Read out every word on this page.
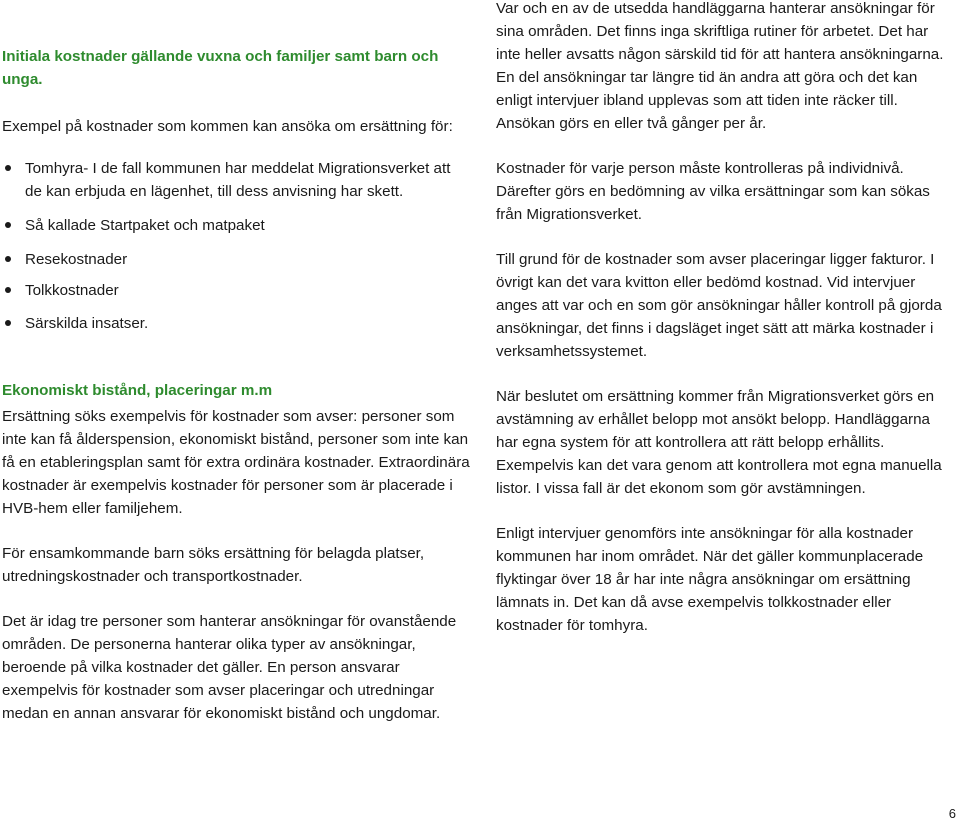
Initiala kostnader gällande vuxna och familjer samt barn och unga.

Exempel på kostnader som kommen kan ansöka om ersättning för:

Tomhyra- I de fall kommunen har meddelat Migrationsverket att de kan erbjuda en lägenhet, till dess anvisning har skett.
Så kallade Startpaket och matpaket
Resekostnader
Tolkkostnader
Särskilda insatser.

Ekonomiskt bistånd, placeringar m.m

Ersättning söks exempelvis för kostnader som avser: personer som inte kan få ålderspension, ekonomiskt bistånd, personer som inte kan få en etableringsplan samt för extra ordinära kostnader. Extraordinära kostnader är exempelvis kostnader för personer som är placerade i HVB-hem eller familjehem.

För ensamkommande barn söks ersättning för belagda platser, utredningskostnader och transportkostnader.

Det är idag tre personer som hanterar ansökningar för ovanstående områden. De personerna hanterar olika typer av ansökningar, beroende på vilka kostnader det gäller. En person ansvarar exempelvis för kostnader som avser placeringar och utredningar medan en annan ansvarar för ekonomiskt bistånd och ungdomar.

Var och en av de utsedda handläggarna hanterar ansökningar för sina områden. Det finns inga skriftliga rutiner för arbetet. Det har inte heller avsatts någon särskild tid för att hantera ansökningarna. En del ansökningar tar längre tid än andra att göra och det kan enligt intervjuer ibland upplevas som att tiden inte räcker till. Ansökan görs en eller två gånger per år.

Kostnader för varje person måste kontrolleras på individnivå. Därefter görs en bedömning av vilka ersättningar som kan sökas från Migrationsverket.

Till grund för de kostnader som avser placeringar ligger fakturor. I övrigt kan det vara kvitton eller bedömd kostnad. Vid intervjuer anges att var och en som gör ansökningar håller kontroll på gjorda ansökningar, det finns i dagsläget inget sätt att märka kostnader i verksamhetssystemet.

När beslutet om ersättning kommer från Migrationsverket görs en avstämning av erhållet belopp mot ansökt belopp. Handläggarna har egna system för att kontrollera att rätt belopp erhållits. Exempelvis kan det vara genom att kontrollera mot egna manuella listor. I vissa fall är det ekonom som gör avstämningen.

Enligt intervjuer genomförs inte ansökningar för alla kostnader kommunen har inom området. När det gäller kommunplacerade flyktingar över 18 år har inte några ansökningar om ersättning lämnats in. Det kan då avse exempelvis tolkkostnader eller kostnader för tomhyra.

6
